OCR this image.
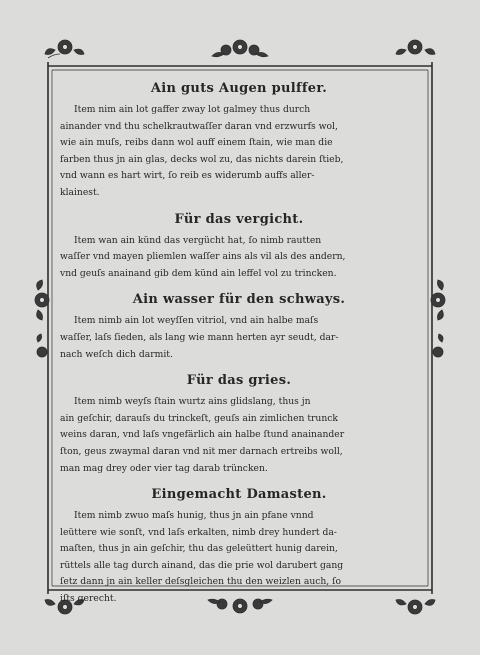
Ain guts Augen pulffer.
Item nim ain lot gaffer zway lot galmey thus durch
ainander vnd thu schelkrautwaſſer daran vnd erzwurfs wol,
wie ain muſs, reibs dann wol auff einem ſtain, wie man die
farben thus jn ain glas, decks wol zu, das nichts darein ſtieb,
vnd wann es hart wirt, ſo reib es widerumb auffs aller-
klainest.
Für das vergicht.
Item wan ain künd das vergücht hat, ſo nimb rautten
waſſer vnd mayen pliemlen waſſer ains als vil als des andern,
vnd geuſs anainand gib dem künd ain leffel vol zu trincken.
Ain wasser für den schways.
Item nimb ain lot weyſſen vitriol, vnd ain halbe maſs
waſſer, laſs ſieden, als lang wie mann herten ayr seudt, dar-
nach weſch dich darmit.
Für das gries.
Item nimb weyſs ſtain wurtz ains glidslang, thus jn
ain geſchir, darauſs du trinckeſt, geuſs ain zimlichen trunck
weins daran, vnd laſs vngefärlich ain halbe ſtund anainander
ſton, geus zwaymal daran vnd nit mer darnach ertreibs woll,
man mag drey oder vier tag darab trüncken.
Eingemacht Damasten.
Item nimb zwuo maſs hunig, thus jn ain pfane vnnd
leüttere wie sonſt, vnd laſs erkalten, nimb drey hundert da-
maſten, thus jn ain geſchir, thu das geleüttert hunig darein,
rüttels alle tag durch ainand, das die prie wol darubert gang
ſetz dann jn ain keller deſsgleichen thu den weizlen auch, ſo
iſts gerecht.
